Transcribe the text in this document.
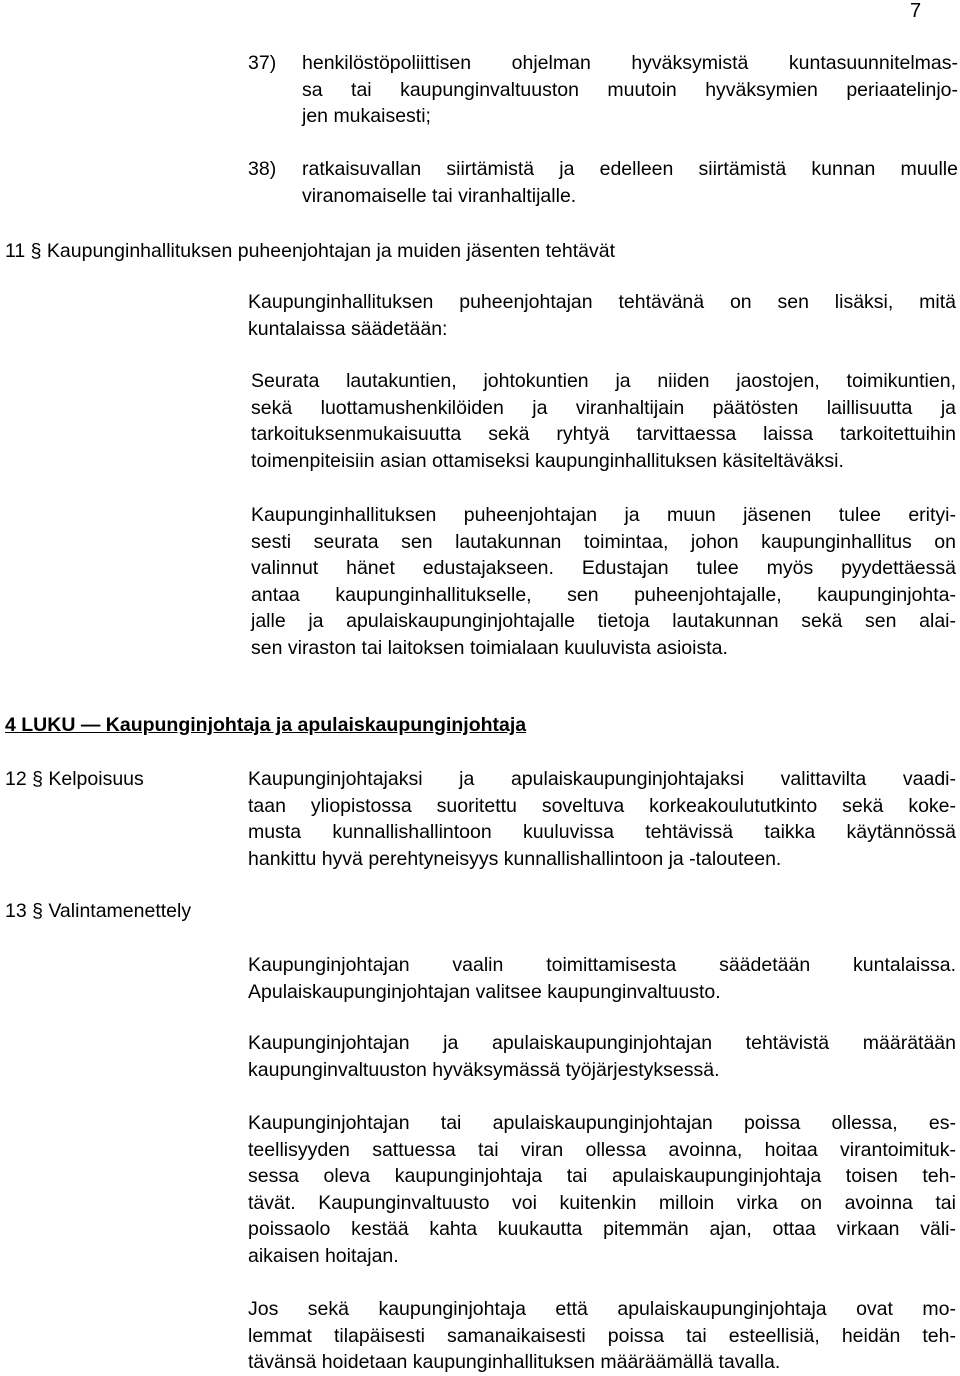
7
37)	henkilöstöpoliittisen ohjelman hyväksymistä kuntasuunnitelmas-
sa tai kaupunginvaltuuston muutoin hyväksymien periaatelinjo-
jen mukaisesti;
38)	ratkaisuvallan siirtämistä ja edelleen siirtämistä kunnan muulle
viranomaiselle tai viranhaltijalle.
11 § Kaupunginhallituksen puheenjohtajan ja muiden jäsenten tehtävät
Kaupunginhallituksen puheenjohtajan tehtävänä on sen lisäksi, mitä
kuntalaissa säädetään:
Seurata lautakuntien, johtokuntien ja niiden jaostojen, toimikuntien,
sekä luottamushenkilöiden ja viranhaltijain päätösten laillisuutta ja
tarkoituksenmukaisuutta sekä ryhtyä tarvittaessa laissa tarkoitettuihin
toimenpiteisiin asian ottamiseksi kaupunginhallituksen käsiteltäväksi.
Kaupunginhallituksen puheenjohtajan ja muun jäsenen tulee erityi-
sesti seurata sen lautakunnan toimintaa, johon kaupunginhallitus on
valinnut hänet edustajakseen. Edustajan tulee myös pyydettäessä
antaa kaupunginhallitukselle, sen puheenjohtajalle, kaupunginjohta-
jalle ja apulaiskaupunginjohtajalle tietoja lautakunnan sekä sen alai-
sen viraston tai laitoksen toimialaan kuuluvista asioista.
4 LUKU — Kaupunginjohtaja ja apulaiskaupunginjohtaja
12 § Kelpoisuus	Kaupunginjohtajaksi ja apulaiskaupunginjohtajaksi valittavilta vaadi-
taan yliopistossa suoritettu soveltuva korkeakoulututkinto sekä koke-
musta kunnallishallintoon kuuluvissa tehtävissä taikka käytännössä
hankittu hyvä perehtyneisyys kunnallishallintoon ja -talouteen.
13 § Valintamenettely
Kaupunginjohtajan vaalin toimittamisesta säädetään kuntalaissa.
Apulaiskaupunginjohtajan valitsee kaupunginvaltuusto.
Kaupunginjohtajan ja apulaiskaupunginjohtajan tehtävistä määrätään
kaupunginvaltuuston hyväksymässä työjärjestyksessä.
Kaupunginjohtajan tai apulaiskaupunginjohtajan poissa ollessa, es-
teellisyyden sattuessa tai viran ollessa avoinna, hoitaa virantoimituk-
sessa oleva kaupunginjohtaja tai apulaiskaupunginjohtaja toisen teh-
tävät. Kaupunginvaltuusto voi kuitenkin milloin virka on avoinna tai
poissaolo kestää kahta kuukautta pitemmän ajan, ottaa virkaan väli-
aikaisen hoitajan.
Jos sekä kaupunginjohtaja että apulaiskaupunginjohtaja ovat mo-
lemmat tilapäisesti samanaikaisesti poissa tai esteellisiä, heidän teh-
tävänsä hoidetaan kaupunginhallituksen määräämällä tavalla.
